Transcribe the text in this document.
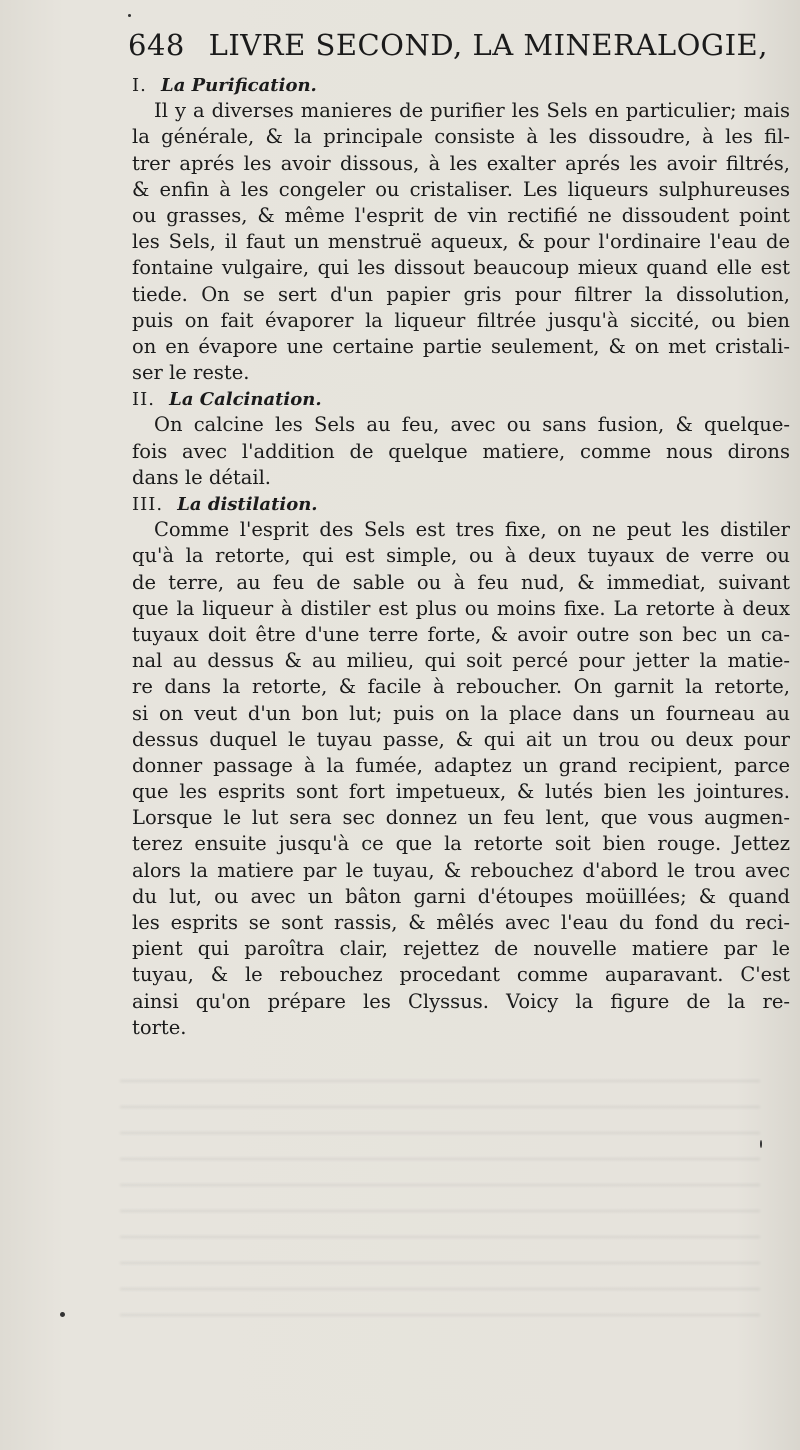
648 LIVRE SECOND, LA MINERALOGIE,
I. La Purification.
Il y a diverses manieres de purifier les Sels en particulier; mais
la générale, & la principale consiste à les dissoudre, à les fil-
trer aprés les avoir dissous, à les exalter aprés les avoir filtrés,
& enfin à les congeler ou cristaliser. Les liqueurs sulphureuses
ou grasses, & même l'esprit de vin rectifié ne dissoudent point
les Sels, il faut un menstruë aqueux, & pour l'ordinaire l'eau de
fontaine vulgaire, qui les dissout beaucoup mieux quand elle est
tiede. On se sert d'un papier gris pour filtrer la dissolution,
puis on fait évaporer la liqueur filtrée jusqu'à siccité, ou bien
on en évapore une certaine partie seulement, & on met cristali-
ser le reste.
II. La Calcination.
On calcine les Sels au feu, avec ou sans fusion, & quelque-
fois avec l'addition de quelque matiere, comme nous dirons
dans le détail.
III. La distilation.
Comme l'esprit des Sels est tres fixe, on ne peut les distiler
qu'à la retorte, qui est simple, ou à deux tuyaux de verre ou
de terre, au feu de sable ou à feu nud, & immediat, suivant
que la liqueur à distiler est plus ou moins fixe. La retorte à deux
tuyaux doit être d'une terre forte, & avoir outre son bec un ca-
nal au dessus & au milieu, qui soit percé pour jetter la matie-
re dans la retorte, & facile à reboucher. On garnit la retorte,
si on veut d'un bon lut; puis on la place dans un fourneau au
dessus duquel le tuyau passe, & qui ait un trou ou deux pour
donner passage à la fumée, adaptez un grand recipient, parce
que les esprits sont fort impetueux, & lutés bien les jointures.
Lorsque le lut sera sec donnez un feu lent, que vous augmen-
terez ensuite jusqu'à ce que la retorte soit bien rouge. Jettez
alors la matiere par le tuyau, & rebouchez d'abord le trou avec
du lut, ou avec un bâton garni d'étoupes moüillées; & quand
les esprits se sont rassis, & mêlés avec l'eau du fond du reci-
pient qui paroîtra clair, rejettez de nouvelle matiere par le
tuyau, & le rebouchez procedant comme auparavant. C'est
ainsi qu'on prépare les Clyssus. Voicy la figure de la re-
torte.
